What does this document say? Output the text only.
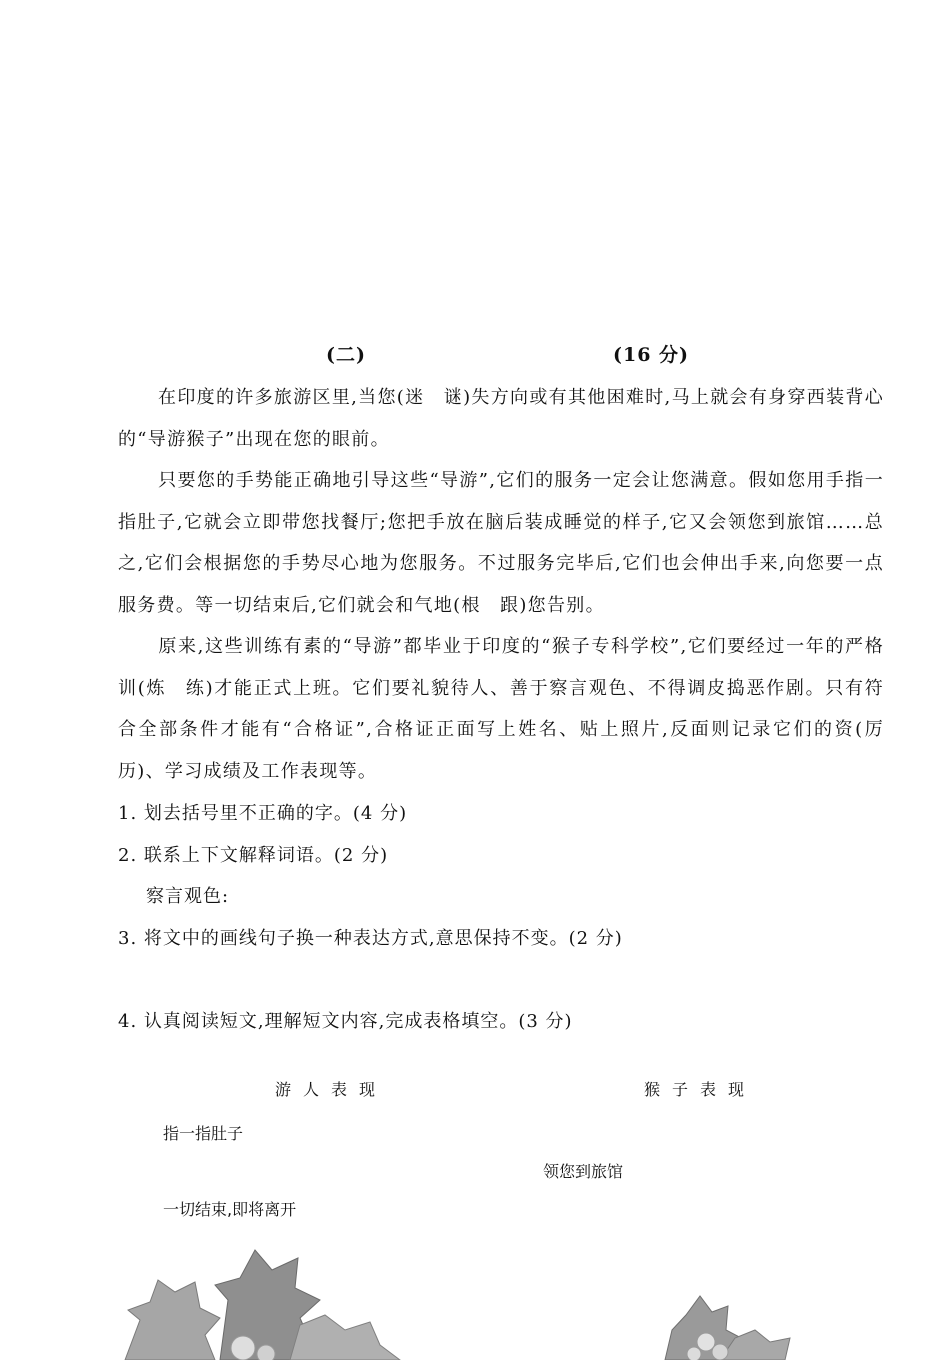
(二)	(16 分)

在印度的许多旅游区里,当您(迷　谜)失方向或有其他困难时,马上就会有身穿西装背心的“导游猴子”出现在您的眼前。

只要您的手势能正确地引导这些“导游”,它们的服务一定会让您满意。假如您用手指一指肚子,它就会立即带您找餐厅;您把手放在脑后装成睡觉的样子,它又会领您到旅馆……总之,它们会根据您的手势尽心地为您服务。不过服务完毕后,它们也会伸出手来,向您要一点服务费。等一切结束后,它们就会和气地(根　跟)您告别。

原来,这些训练有素的“导游”都毕业于印度的“猴子专科学校”,它们要经过一年的严格训(炼　练)才能正式上班。它们要礼貌待人、善于察言观色、不得调皮捣恶作剧。只有符合全部条件才能有“合格证”,合格证正面写上姓名、贴上照片,反面则记录它们的资(厉　历)、学习成绩及工作表现等。

1. 划去括号里不正确的字。(4 分)
2. 联系上下文解释词语。(2 分)
察言观色:
3. 将文中的画线句子换一种表达方式,意思保持不变。(2 分)
4. 认真阅读短文,理解短文内容,完成表格填空。(3 分)
游人表现	猴子表现
指一指肚子
领您到旅馆
一切结束,即将离开
